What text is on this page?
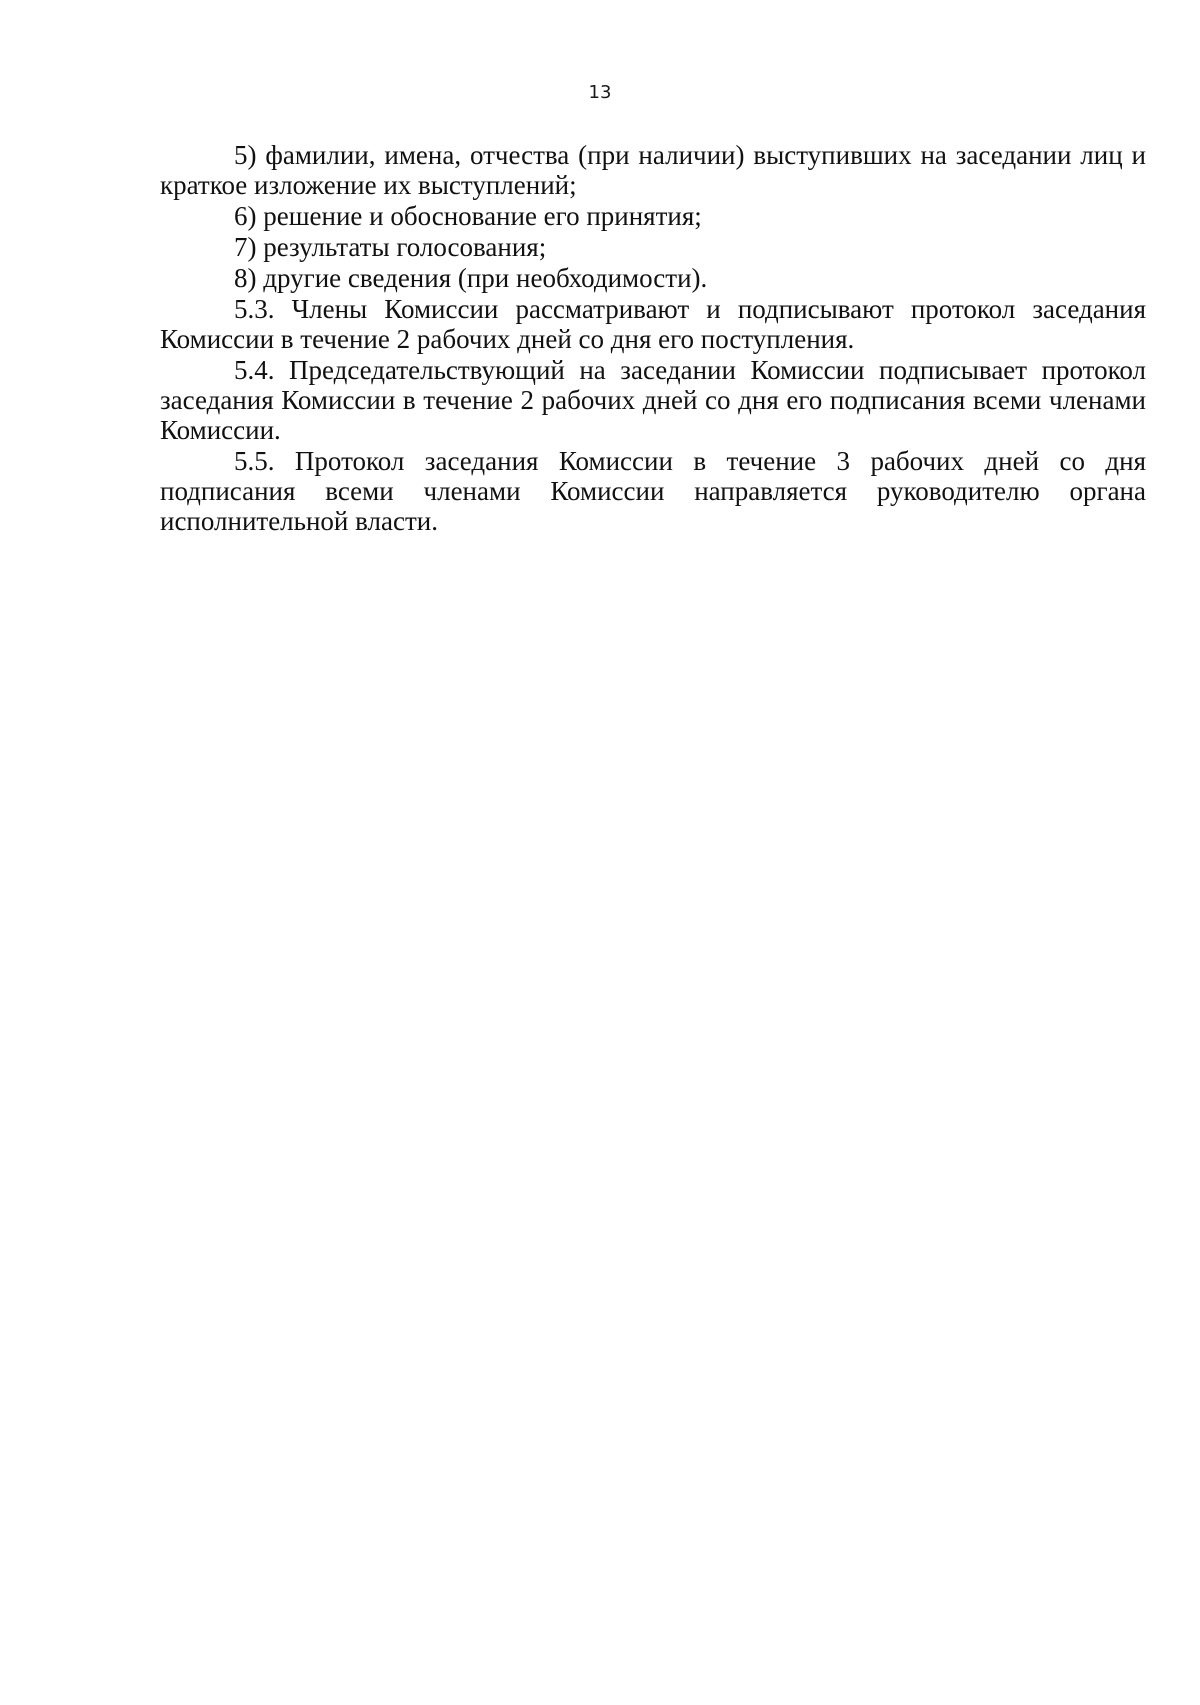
13

5) фамилии, имена, отчества (при наличии) выступивших на заседании лиц и краткое изложение их выступлений;

6) решение и обоснование его принятия;

7) результаты голосования;

8) другие сведения (при необходимости).

5.3. Члены Комиссии рассматривают и подписывают протокол заседания Комиссии в течение 2 рабочих дней со дня его поступления.

5.4. Председательствующий на заседании Комиссии подписывает протокол заседания Комиссии в течение 2 рабочих дней со дня его подписания всеми членами Комиссии.

5.5. Протокол заседания Комиссии в течение 3 рабочих дней со дня подписания всеми членами Комиссии направляется руководителю органа исполнительной власти.
